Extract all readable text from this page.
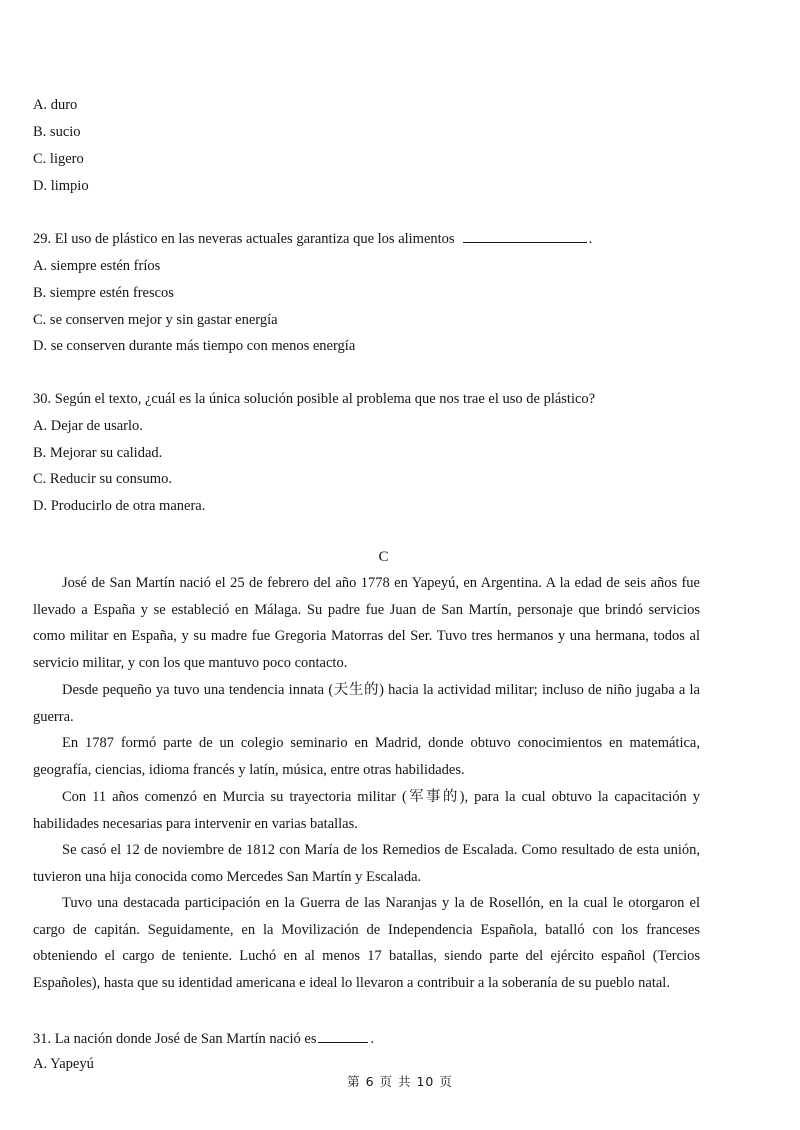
A. duro
B. sucio
C. ligero
D. limpio
29. El uso de plástico en las neveras actuales garantiza que los alimentos	.
A. siempre estén fríos
B. siempre estén frescos
C. se conserven mejor y sin gastar energía
D. se conserven durante más tiempo con menos energía
30. Según el texto, ¿cuál es la única solución posible al problema que nos trae el uso de plástico?
A. Dejar de usarlo.
B. Mejorar su calidad.
C. Reducir su consumo.
D. Producirlo de otra manera.
C

José de San Martín nació el 25 de febrero del año 1778 en Yapeyú, en Argentina. A la edad de seis años fue llevado a España y se estableció en Málaga. Su padre fue Juan de San Martín, personaje que brindó servicios como militar en España, y su madre fue Gregoria Matorras del Ser. Tuvo tres hermanos y una hermana, todos al servicio militar, y con los que mantuvo poco contacto.

Desde pequeño ya tuvo una tendencia innata (天生的) hacia la actividad militar; incluso de niño jugaba a la guerra.

En 1787 formó parte de un colegio seminario en Madrid, donde obtuvo conocimientos en matemática, geografía, ciencias, idioma francés y latín, música, entre otras habilidades.

Con 11 años comenzó en Murcia su trayectoria militar (军事的), para la cual obtuvo la capacitación y habilidades necesarias para intervenir en varias batallas.

Se casó el 12 de noviembre de 1812 con María de los Remedios de Escalada. Como resultado de esta unión, tuvieron una hija conocida como Mercedes San Martín y Escalada.

Tuvo una destacada participación en la Guerra de las Naranjas y la de Rosellón, en la cual le otorgaron el cargo de capitán. Seguidamente, en la Movilización de Independencia Española, batalló con los franceses obteniendo el cargo de teniente. Luchó en al menos 17 batallas, siendo parte del ejército español (Tercios Españoles), hasta que su identidad americana e ideal lo llevaron a contribuir a la soberanía de su pueblo natal.

31. La nación donde José de San Martín nació es	.
A. Yapeyú
第 6 页 共 10 页
